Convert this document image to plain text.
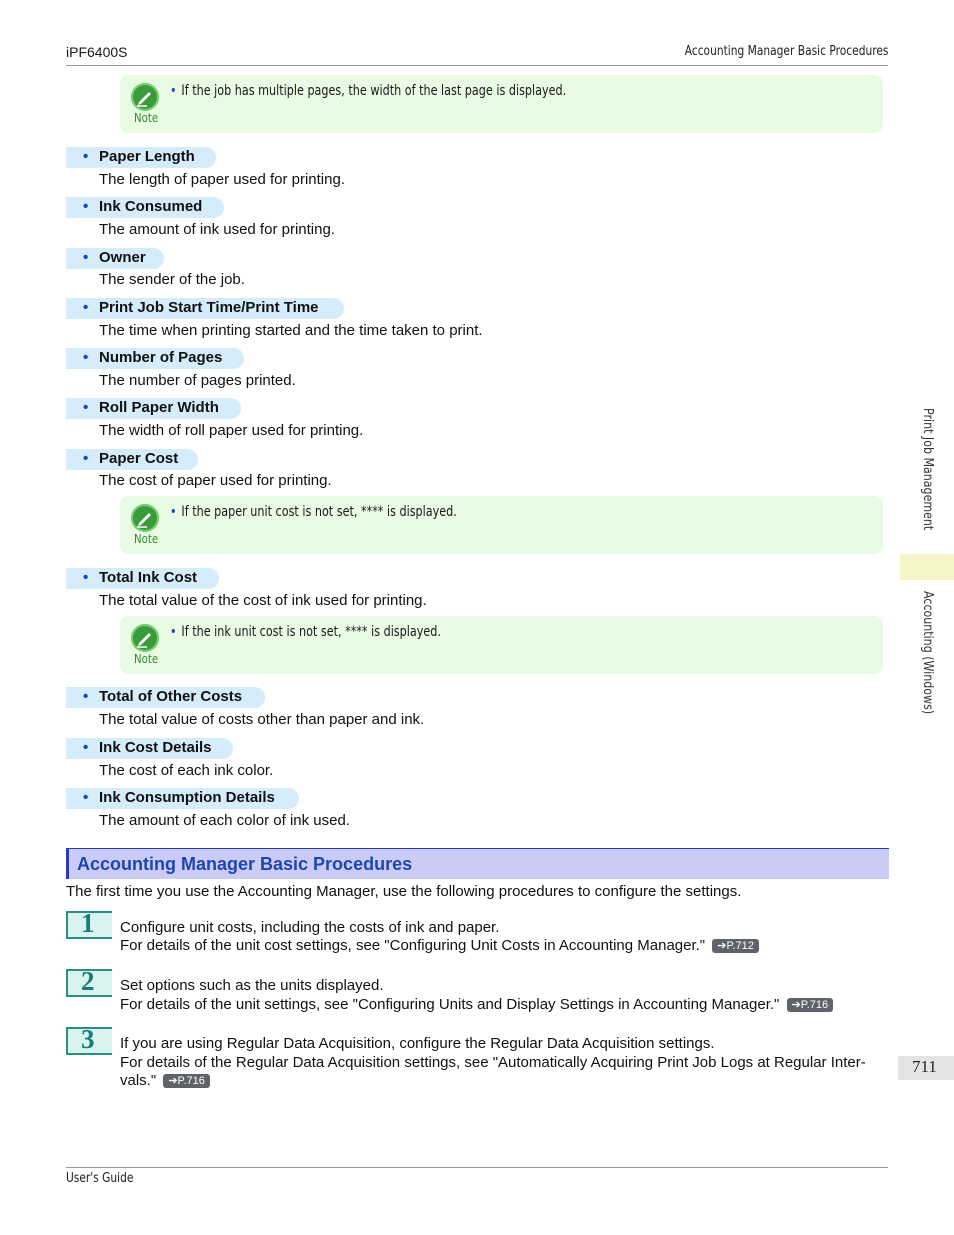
iPF6400S	Accounting Manager Basic Procedures
Note
• If the job has multiple pages, the width of the last page is displayed.
• Paper Length
The length of paper used for printing.
• Ink Consumed
The amount of ink used for printing.
• Owner
The sender of the job.
• Print Job Start Time/Print Time
The time when printing started and the time taken to print.
• Number of Pages
The number of pages printed.
• Roll Paper Width
The width of roll paper used for printing.
• Paper Cost
The cost of paper used for printing.
Note
• If the paper unit cost is not set, **** is displayed.
• Total Ink Cost
The total value of the cost of ink used for printing.
Note
• If the ink unit cost is not set, **** is displayed.
• Total of Other Costs
The total value of costs other than paper and ink.
• Ink Cost Details
The cost of each ink color.
• Ink Consumption Details
The amount of each color of ink used.
Accounting Manager Basic Procedures
The first time you use the Accounting Manager, use the following procedures to configure the settings.
1 Configure unit costs, including the costs of ink and paper.
For details of the unit cost settings, see "Configuring Unit Costs in Accounting Manager." ➔P.712
2 Set options such as the units displayed.
For details of the unit settings, see "Configuring Units and Display Settings in Accounting Manager." ➔P.716
3 If you are using Regular Data Acquisition, configure the Regular Data Acquisition settings.
For details of the Regular Data Acquisition settings, see "Automatically Acquiring Print Job Logs at Regular Inter-
vals." ➔P.716
Print Job Management
Accounting (Windows)
711
User's Guide
